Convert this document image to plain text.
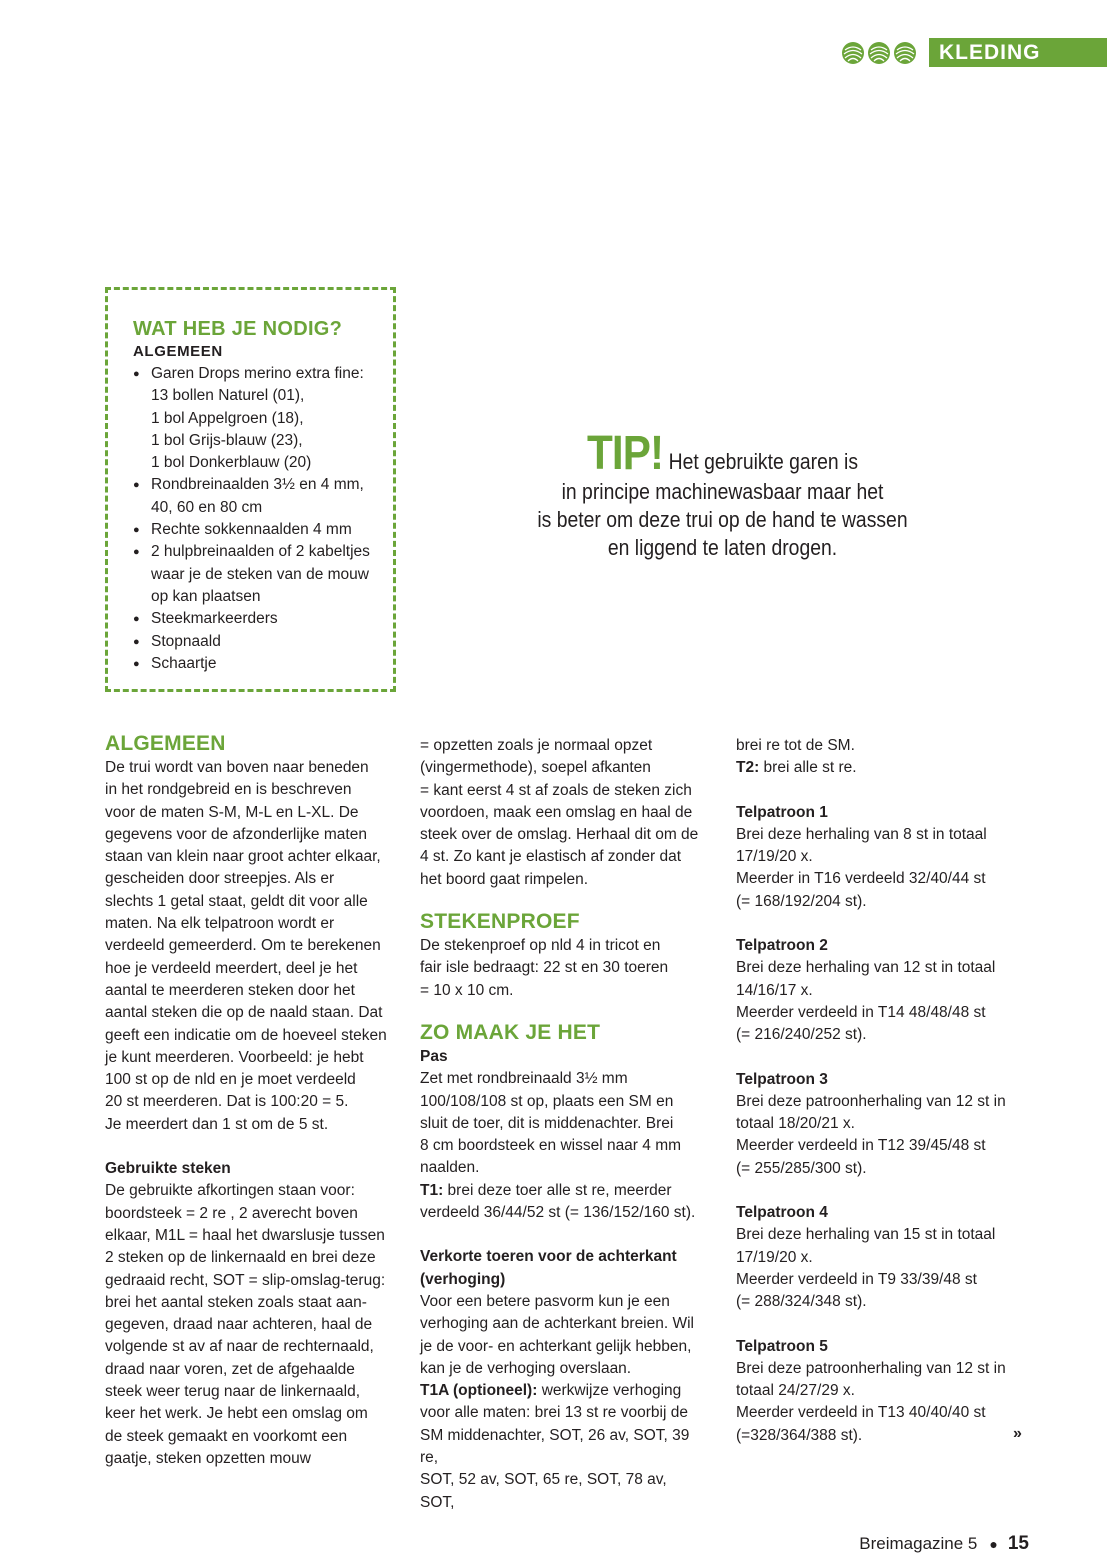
KLEDING
WAT HEB JE NODIG?
ALGEMEEN
● Garen Drops merino extra fine:
13 bollen Naturel (01),
1 bol Appelgroen (18),
1 bol Grijs-blauw (23),
1 bol Donkerblauw (20)
● Rondbreinaalden 3½ en 4 mm,
40, 60 en 80 cm
● Rechte sokkennaalden 4 mm
● 2 hulpbreinaalden of 2 kabeltjes
waar je de steken van de mouw
op kan plaatsen
● Steekmarkeerders
● Stopnaald
● Schaartje
TIP! Het gebruikte garen is
in principe machinewasbaar maar het
is beter om deze trui op de hand te wassen
en liggend te laten drogen.
ALGEMEEN

De trui wordt van boven naar beneden

in het rondgebreid en is beschreven

voor de maten S-M, M-L en L-XL. De

gegevens voor de afzonderlijke maten

staan van klein naar groot achter elkaar,

gescheiden door streepjes. Als er

slechts 1 getal staat, geldt dit voor alle

maten. Na elk telpatroon wordt er

verdeeld gemeerderd. Om te berekenen

hoe je verdeeld meerdert, deel je het

aantal te meerderen steken door het

aantal steken die op de naald staan. Dat

geeft een indicatie om de hoeveel steken

je kunt meerderen. Voorbeeld: je hebt

100 st op de nld en je moet verdeeld

20 st meerderen. Dat is 100:20 = 5.

Je meerdert dan 1 st om de 5 st.

Gebruikte steken

De gebruikte afkortingen staan voor:

boordsteek = 2 re , 2 averecht boven

elkaar, M1L = haal het dwarslusje tussen

2 steken op de linkernaald en brei deze

gedraaid recht, SOT = slip-omslag-terug:

brei het aantal steken zoals staat aan-

gegeven, draad naar achteren, haal de

volgende st av af naar de rechternaald,

draad naar voren, zet de afgehaalde

steek weer terug naar de linkernaald,

keer het werk. Je hebt een omslag om

de steek gemaakt en voorkomt een

gaatje, steken opzetten mouw

= opzetten zoals je normaal opzet

(vingermethode), soepel afkanten

= kant eerst 4 st af zoals de steken zich

voordoen, maak een omslag en haal de

steek over de omslag. Herhaal dit om de

4 st. Zo kant je elastisch af zonder dat

het boord gaat rimpelen.

STEKENPROEF

De stekenproef op nld 4 in tricot en

fair isle bedraagt: 22 st en 30 toeren

= 10 x 10 cm.

ZO MAAK JE HET

Pas

Zet met rondbreinaald 3½ mm

100/108/108 st op, plaats een SM en

sluit de toer, dit is middenachter. Brei

8 cm boordsteek en wissel naar 4 mm

naalden.

T1: brei deze toer alle st re, meerder

verdeeld 36/44/52 st (= 136/152/160 st).

Verkorte toeren voor de achterkant

(verhoging)

Voor een betere pasvorm kun je een

verhoging aan de achterkant breien. Wil

je de voor- en achterkant gelijk hebben,

kan je de verhoging overslaan.

T1A (optioneel): werkwijze verhoging

voor alle maten: brei 13 st re voorbij de

SM middenachter, SOT, 26 av, SOT, 39 re,

SOT, 52 av, SOT, 65 re, SOT, 78 av, SOT,

brei re tot de SM.

T2: brei alle st re.

Telpatroon 1

Brei deze herhaling van 8 st in totaal

17/19/20 x.

Meerder in T16 verdeeld 32/40/44 st

(= 168/192/204 st).

Telpatroon 2

Brei deze herhaling van 12 st in totaal

14/16/17 x.

Meerder verdeeld in T14 48/48/48 st

(= 216/240/252 st).

Telpatroon 3

Brei deze patroonherhaling van 12 st in

totaal 18/20/21 x.

Meerder verdeeld in T12 39/45/48 st

(= 255/285/300 st).

Telpatroon 4

Brei deze herhaling van 15 st in totaal

17/19/20 x.

Meerder verdeeld in T9 33/39/48 st

(= 288/324/348 st).

Telpatroon 5

Brei deze patroonherhaling van 12 st in

totaal 24/27/29 x.

Meerder verdeeld in T13 40/40/40 st

(=328/364/388 st).	»
Breimagazine 5 ● 15
